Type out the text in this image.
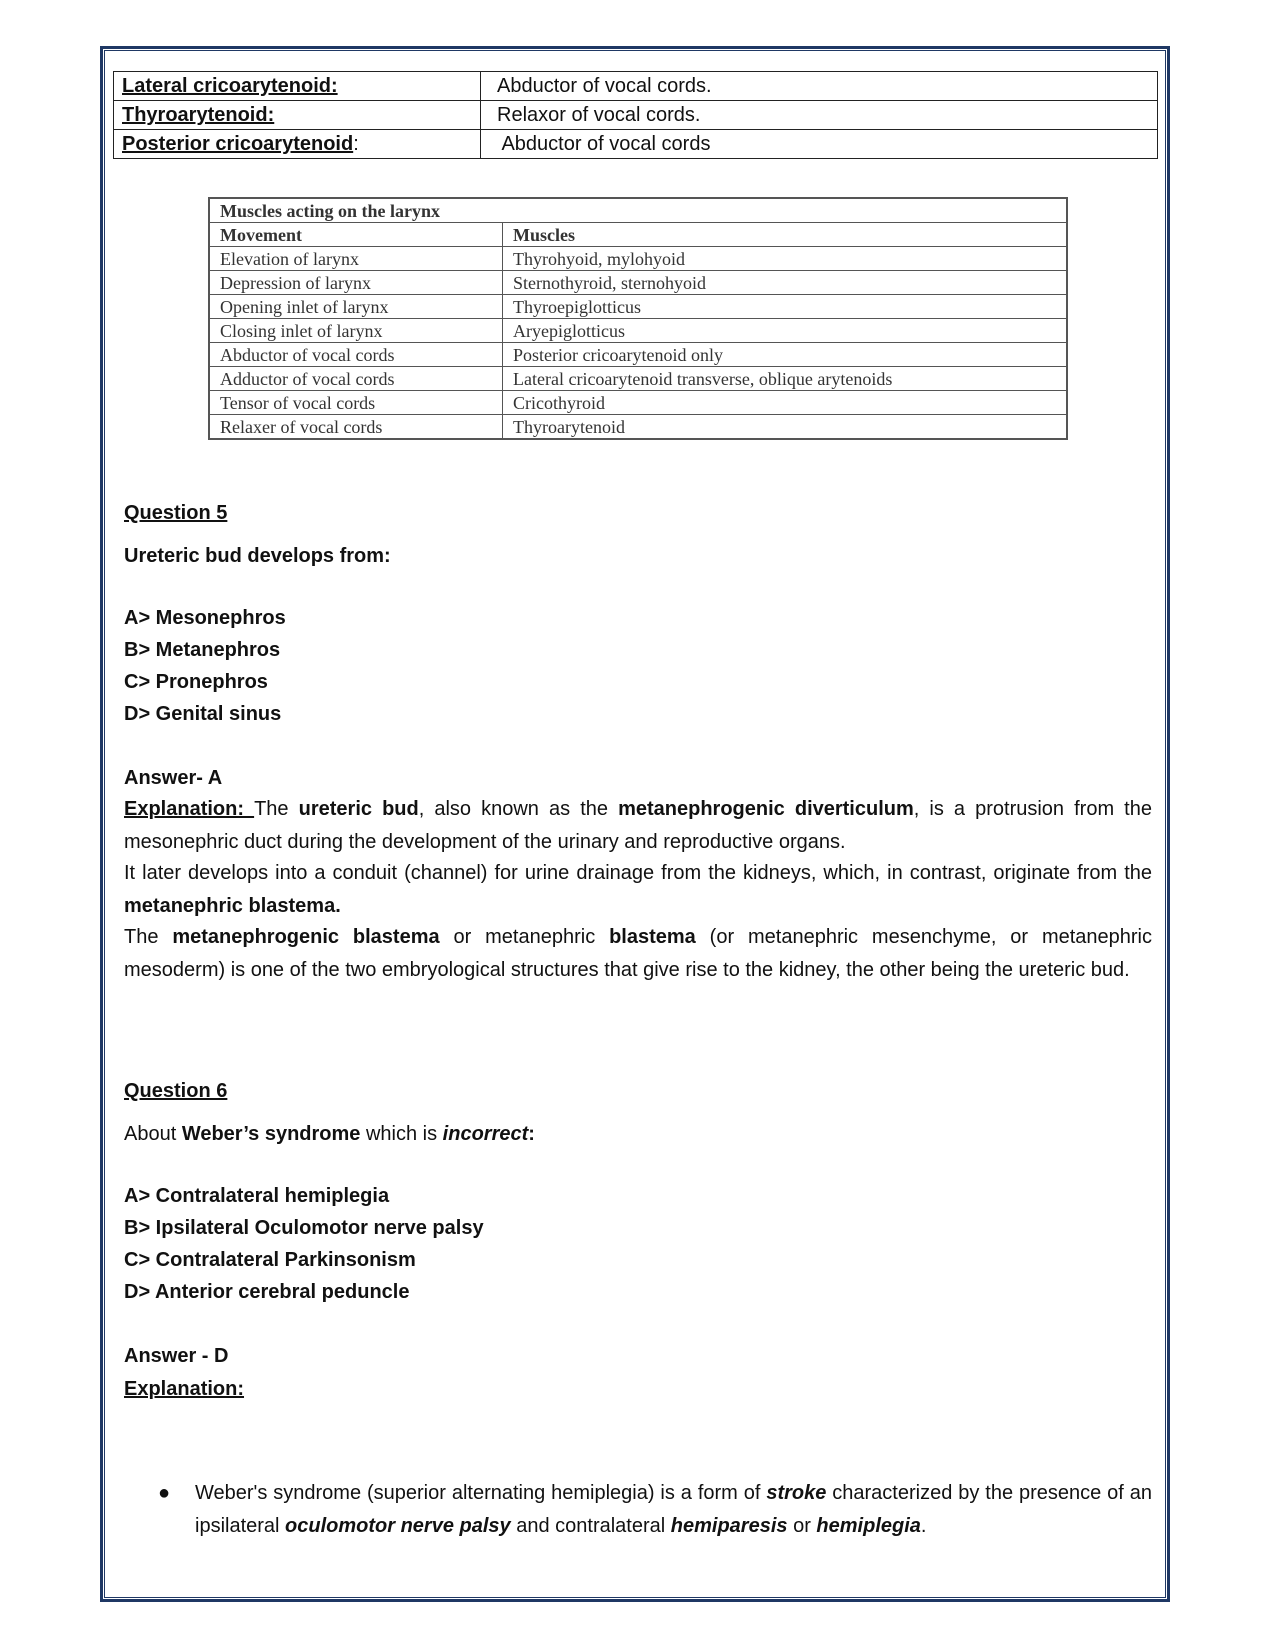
Lateral cricoarytenoid:	Abductor of vocal cords.
Thyroarytenoid:	Relaxor of vocal cords.
Posterior cricoarytenoid:	Abductor of vocal cords
Muscles acting on the larynx	
Movement	Muscles
Elevation of larynx	Thyrohyoid, mylohyoid
Depression of larynx	Sternothyroid, sternohyoid
Opening inlet of larynx	Thyroepiglotticus
Closing inlet of larynx	Aryepiglotticus
Abductor of vocal cords	Posterior cricoarytenoid only
Adductor of vocal cords	Lateral cricoarytenoid transverse, oblique arytenoids
Tensor of vocal cords	Cricothyroid
Relaxer of vocal cords	Thyroarytenoid
Question 5
Ureteric bud develops from:
A> Mesonephros
B> Metanephros
C> Pronephros
D> Genital sinus
Answer- A
Explanation: The ureteric bud, also known as the metanephrogenic diverticulum, is a protrusion from the mesonephric duct during the development of the urinary and reproductive organs.
It later develops into a conduit (channel) for urine drainage from the kidneys, which, in contrast, originate from the metanephric blastema.
The metanephrogenic blastema or metanephric blastema (or metanephric mesenchyme, or metanephric mesoderm) is one of the two embryological structures that give rise to the kidney, the other being the ureteric bud.
Question 6
About Weber’s syndrome which is incorrect:
A> Contralateral hemiplegia
B> Ipsilateral Oculomotor nerve palsy
C> Contralateral Parkinsonism
D> Anterior cerebral peduncle
Answer - D
Explanation:
● Weber's syndrome (superior alternating hemiplegia) is a form of stroke characterized by the presence of an ipsilateral oculomotor nerve palsy and contralateral hemiparesis or hemiplegia.
